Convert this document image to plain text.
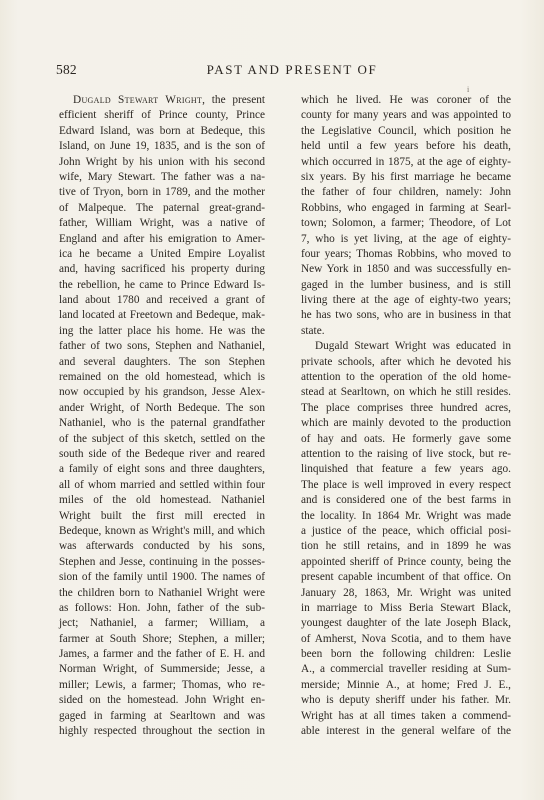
582	PAST AND PRESENT OF
i
Dugald Stewart Wright, the present
efficient sheriff of Prince county, Prince
Edward Island, was born at Bedeque, this
Island, on June 19, 1835, and is the son of
John Wright by his union with his second
wife, Mary Stewart. The father was a na-
tive of Tryon, born in 1789, and the mother
of Malpeque. The paternal great-grand-
father, William Wright, was a native of
England and after his emigration to Amer-
ica he became a United Empire Loyalist
and, having sacrificed his property during
the rebellion, he came to Prince Edward Is-
land about 1780 and received a grant of
land located at Freetown and Bedeque, mak-
ing the latter place his home. He was the
father of two sons, Stephen and Nathaniel,
and several daughters. The son Stephen
remained on the old homestead, which is
now occupied by his grandson, Jesse Alex-
ander Wright, of North Bedeque. The son
Nathaniel, who is the paternal grandfather
of the subject of this sketch, settled on the
south side of the Bedeque river and reared
a family of eight sons and three daughters,
all of whom married and settled within four
miles of the old homestead. Nathaniel
Wright built the first mill erected in
Bedeque, known as Wright's mill, and which
was afterwards conducted by his sons,
Stephen and Jesse, continuing in the posses-
sion of the family until 1900. The names of
the children born to Nathaniel Wright were
as follows: Hon. John, father of the sub-
ject; Nathaniel, a farmer; William, a
farmer at South Shore; Stephen, a miller;
James, a farmer and the father of E. H. and
Norman Wright, of Summerside; Jesse, a
miller; Lewis, a farmer; Thomas, who re-
sided on the homestead. John Wright en-
gaged in farming at Searltown and was
highly respected throughout the section in
which he lived. He was coroner of the
county for many years and was appointed to
the Legislative Council, which position he
held until a few years before his death,
which occurred in 1875, at the age of eighty-
six years. By his first marriage he became
the father of four children, namely: John
Robbins, who engaged in farming at Searl-
town; Solomon, a farmer; Theodore, of Lot
7, who is yet living, at the age of eighty-
four years; Thomas Robbins, who moved to
New York in 1850 and was successfully en-
gaged in the lumber business, and is still
living there at the age of eighty-two years;
he has two sons, who are in business in that
state.
Dugald Stewart Wright was educated in
private schools, after which he devoted his
attention to the operation of the old home-
stead at Searltown, on which he still resides.
The place comprises three hundred acres,
which are mainly devoted to the production
of hay and oats. He formerly gave some
attention to the raising of live stock, but re-
linquished that feature a few years ago.
The place is well improved in every respect
and is considered one of the best farms in
the locality. In 1864 Mr. Wright was made
a justice of the peace, which official posi-
tion he still retains, and in 1899 he was
appointed sheriff of Prince county, being the
present capable incumbent of that office. On
January 28, 1863, Mr. Wright was united
in marriage to Miss Beria Stewart Black,
youngest daughter of the late Joseph Black,
of Amherst, Nova Scotia, and to them have
been born the following children: Leslie
A., a commercial traveller residing at Sum-
merside; Minnie A., at home; Fred J. E.,
who is deputy sheriff under his father. Mr.
Wright has at all times taken a commend-
able interest in the general welfare of the
